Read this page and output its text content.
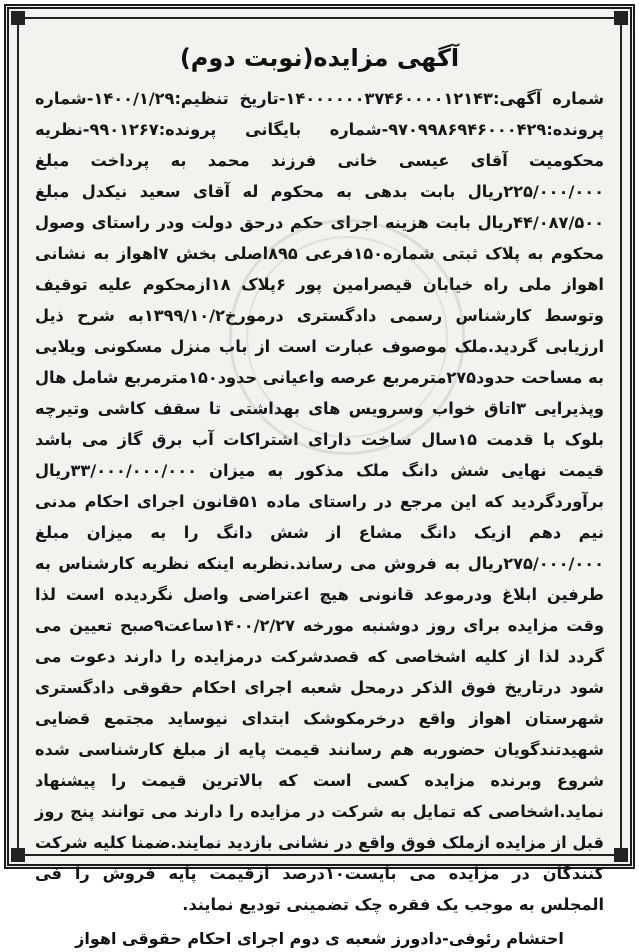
آگهی مزایده(نوبت دوم)

شماره آگهی:۱۴۰۰۰۰۰۰۳۷۴۶۰۰۰۰۱۲۱۴۳-تاریخ تنظیم:۱۴۰۰/۱/۲۹-شماره پرونده:۹۷۰۹۹۸۶۹۴۶۰۰۰۴۲۹-شماره بایگانی پرونده:۹۹۰۱۲۶۷-نظریه محکومیت آقای عیسی خانی فرزند محمد به پرداخت مبلغ ۲۲۵/۰۰۰/۰۰۰ریال بابت بدهی به محکوم له آقای سعید نیکدل مبلغ ۴۴/۰۸۷/۵۰۰ریال بابت هزینه اجرای حکم درحق دولت ودر راستای وصول محکوم به پلاک ثبتی شماره۱۵۰فرعی ۸۹۵اصلی بخش ۷اهواز به نشانی اهواز ملی راه خیابان قیصرامین پور ۶پلاک ۱۸ازمحکوم علیه توقیف وتوسط کارشناس رسمی دادگستری درمورخ۱۳۹۹/۱۰/۲به شرح ذیل ارزیابی گردید.ملک موصوف عبارت است از باب منزل مسکونی ویلایی به مساحت حدود۲۷۵مترمربع عرصه واعیانی حدود۱۵۰مترمربع شامل هال وپذیرایی ۳اتاق خواب وسرویس های بهداشتی تا سقف کاشی وتیرچه بلوک با قدمت ۱۵سال ساخت دارای اشتراکات آب برق گاز می باشد قیمت نهایی شش دانگ ملک مذکور به میزان ۳۳/۰۰۰/۰۰۰/۰۰۰ریال برآوردگردید که این مرجع در راستای ماده ۵۱قانون اجرای احکام مدنی نیم دهم ازیک دانگ مشاع از شش دانگ را به میزان مبلغ ۲۷۵/۰۰۰/۰۰۰ریال به فروش می رساند.نظربه اینکه نظریه کارشناس به طرفین ابلاغ ودرموعد قانونی هیچ اعتراضی واصل نگردیده است لذا وقت مزایده برای روز دوشنبه مورخه ۱۴۰۰/۲/۲۷ساعت۹صبح تعیین می گردد لذا از کلیه اشخاصی که قصدشرکت درمزایده را دارند دعوت می شود درتاریخ فوق الذکر درمحل شعبه اجرای احکام حقوقی دادگستری شهرستان اهواز واقع درخرمکوشک ابتدای نیوساید مجتمع قضایی شهیدتندگویان حضوربه هم رسانند قیمت پایه از مبلغ کارشناسی شده شروع وبرنده مزایده کسی است که بالاترین قیمت را پیشنهاد نماید.اشخاصی که تمایل به شرکت در مزایده را دارند می توانند پنج روز قبل از مزایده ازملک فوق واقع در نشانی بازدید نمایند.ضمنا کلیه شرکت کنندگان در مزایده می بایست۱۰درصد ازقیمت پایه فروش را فی المجلس به موجب یک فقره چک تضمینی تودیع نمایند.

احتشام رئوفی-دادورز شعبه ی دوم اجرای احکام حقوقی اهواز
